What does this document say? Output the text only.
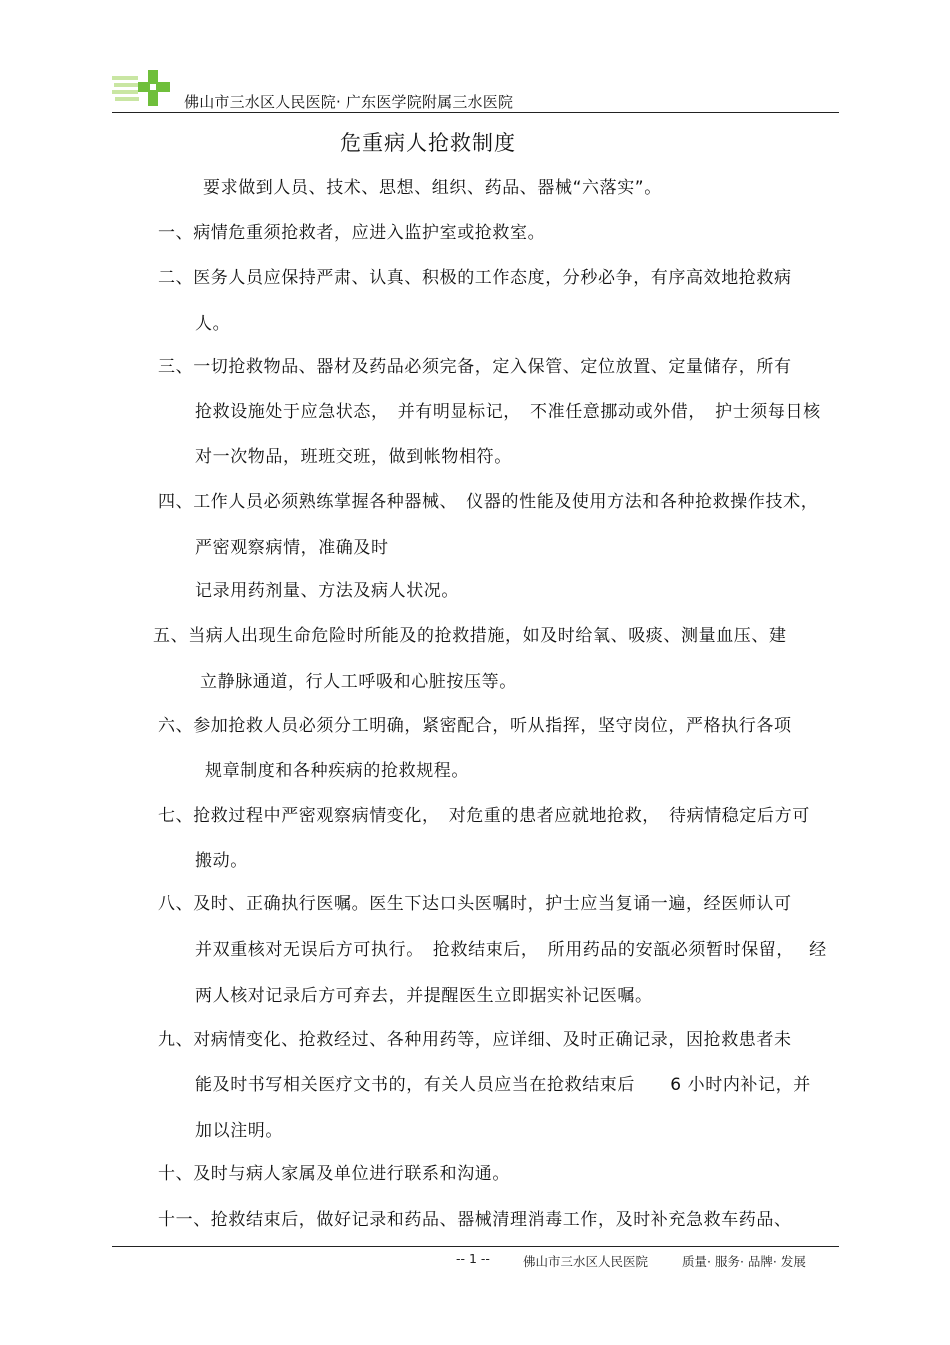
佛山市三水区人民医院· 广东医学院附属三水医院
危重病人抢救制度
要求做到人员、技术、思想、组织、药品、器械“六落实”。
一、病情危重须抢救者，应进入监护室或抢救室。
二、医务人员应保持严肃、认真、积极的工作态度，分秒必争，有序高效地抢救病
人。
三、一切抢救物品、器材及药品必须完备，定入保管、定位放置、定量储存，所有
抢救设施处于应急状态，　并有明显标记，　不准任意挪动或外借，　护士须每日核
对一次物品，班班交班，做到帐物相符。
四、工作人员必须熟练掌握各种器械、　仪器的性能及使用方法和各种抢救操作技术，
严密观察病情，准确及时
记录用药剂量、方法及病人状况。
五、当病人出现生命危险时所能及的抢救措施，如及时给氧、吸痰、测量血压、建
立静脉通道，行人工呼吸和心脏按压等。
六、参加抢救人员必须分工明确，紧密配合，听从指挥，坚守岗位，严格执行各项
规章制度和各种疾病的抢救规程。
七、抢救过程中严密观察病情变化，　对危重的患者应就地抢救，　待病情稳定后方可
搬动。
八、及时、正确执行医嘱。医生下达口头医嘱时，护士应当复诵一遍，经医师认可
并双重核对无误后方可执行。　抢救结束后，　所用药品的安瓿必须暂时保留，　 经
两人核对记录后方可弃去，并提醒医生立即据实补记医嘱。
九、对病情变化、抢救经过、各种用药等，应详细、及时正确记录，因抢救患者未
能及时书写相关医疗文书的，有关人员应当在抢救结束后　　6 小时内补记，并
加以注明。
十、及时与病人家属及单位进行联系和沟通。
十一、抢救结束后，做好记录和药品、器械清理消毒工作，及时补充急救车药品、
-- 1 --	佛山市三水区人民医院	质量· 服务· 品牌· 发展
